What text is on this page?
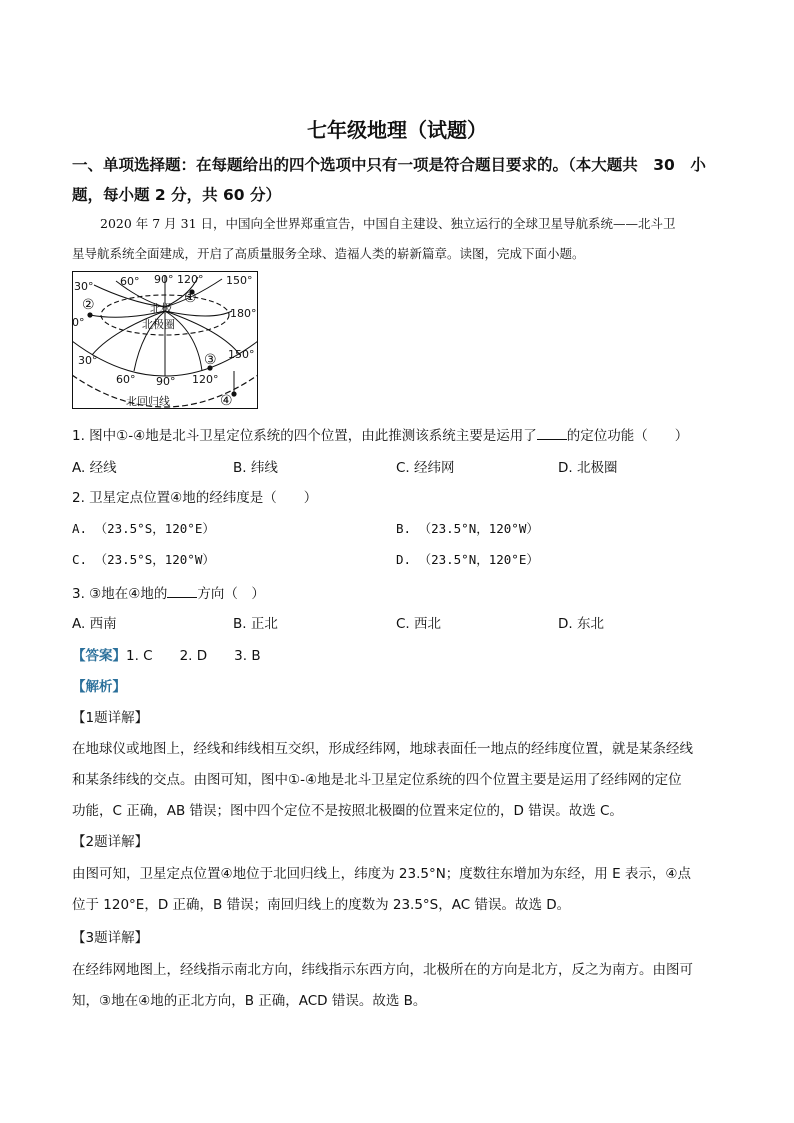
七年级地理（试题）
一、单项选择题：在每题给出的四个选项中只有一项是符合题目要求的。（本大题共　30　小
题，每小题 2 分，共 60 分）
2020 年 7 月 31 日，中国向全世界郑重宣告，中国自主建设、独立运行的全球卫星导航系统——北斗卫
星导航系统全面建成，开启了高质量服务全球、造福人类的崭新篇章。读图，完成下面小题。
30° 60° 90° 120° 150°
0°
180°
30°
60° 90° 120°
150°
北极
北极圈
北回归线
①
②
③
④
1. 图中①-④地是北斗卫星定位系统的四个位置，由此推测该系统主要是运用了 的定位功能（　　）
A. 经线	B. 纬线	C. 经纬网	D. 北极圈
2. 卫星定点位置④地的经纬度是（　　）
A. （23.5°S，120°E）	B. （23.5°N，120°W）
C. （23.5°S，120°W）	D. （23.5°N，120°E）
3. ③地在④地的 方向（　）
A. 西南	B. 正北	C. 西北	D. 东北
【答案】1. C　　2. D　　3. B
【解析】
【1题详解】
在地球仪或地图上，经线和纬线相互交织，形成经纬网，地球表面任一地点的经纬度位置，就是某条经线
和某条纬线的交点。由图可知，图中①-④地是北斗卫星定位系统的四个位置主要是运用了经纬网的定位
功能，C 正确，AB 错误；图中四个定位不是按照北极圈的位置来定位的，D 错误。故选 C。
【2题详解】
由图可知，卫星定点位置④地位于北回归线上，纬度为 23.5°N；度数往东增加为东经，用 E 表示，④点
位于 120°E，D 正确，B 错误；南回归线上的度数为 23.5°S，AC 错误。故选 D。
【3题详解】
在经纬网地图上，经线指示南北方向，纬线指示东西方向，北极所在的方向是北方，反之为南方。由图可
知，③地在④地的正北方向，B 正确，ACD 错误。故选 B。
